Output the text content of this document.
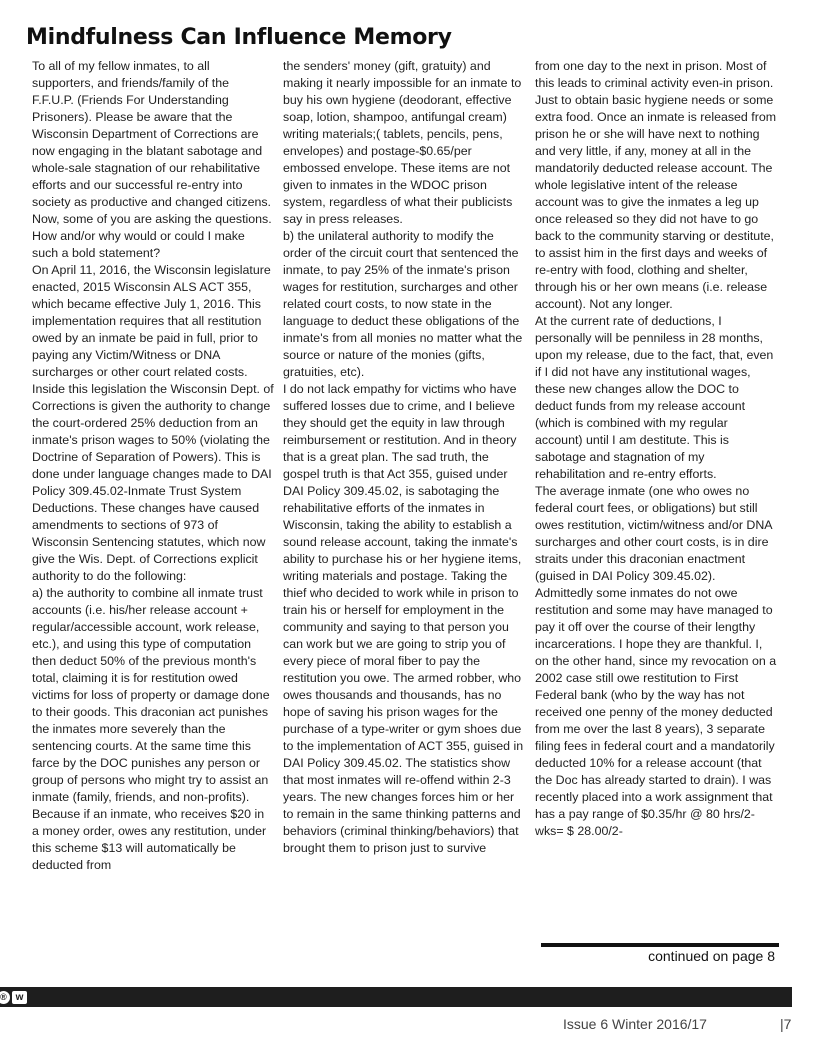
Mindfulness Can Influence Memory

To all of my fellow inmates, to all supporters, and friends/family of the F.F.U.P. (Friends For Understanding Prisoners). Please be aware that the Wisconsin Department of Corrections are now engaging in the blatant sabotage and whole-sale stagnation of our rehabilitative efforts and our successful re-entry into society as productive and changed citizens. Now, some of you are asking the questions. How and/or why would or could I make such a bold statement?

On April 11, 2016, the Wisconsin legislature enacted, 2015 Wisconsin ALS ACT 355, which became effective July 1, 2016. This implementation requires that all restitution owed by an inmate be paid in full, prior to paying any Victim/Witness or DNA surcharges or other court related costs. Inside this legislation the Wisconsin Dept. of Corrections is given the authority to change the court-ordered 25% deduction from an inmate's prison wages to 50% (violating the Doctrine of Separation of Powers). This is done under language changes made to DAI Policy 309.45.02-Inmate Trust System Deductions. These changes have caused amendments to sections of 973 of Wisconsin Sentencing statutes, which now give the Wis. Dept. of Corrections explicit authority to do the following:

a) the authority to combine all inmate trust accounts (i.e. his/her release account + regular/accessible account, work release, etc.), and using this type of computation then deduct 50% of the previous month's total, claiming it is for restitution owed victims for loss of property or damage done to their goods. This draconian act punishes the inmates more severely than the sentencing courts. At the same time this farce by the DOC punishes any person or group of persons who might try to assist an inmate (family, friends, and non-profits). Because if an inmate, who receives $20 in a money order, owes any restitution, under this scheme $13 will automatically be deducted from

the senders' money (gift, gratuity) and making it nearly impossible for an inmate to buy his own hygiene (deodorant, effective soap, lotion, shampoo, antifungal cream) writing materials;( tablets, pencils, pens, envelopes) and postage-$0.65/per embossed envelope. These items are not given to inmates in the WDOC prison system, regardless of what their publicists say in press releases.

b) the unilateral authority to modify the order of the circuit court that sentenced the inmate, to pay 25% of the inmate's prison wages for restitution, surcharges and other related court costs, to now state in the language to deduct these obligations of the inmate's from all monies no matter what the source or nature of the monies (gifts, gratuities, etc).

I do not lack empathy for victims who have suffered losses due to crime, and I believe they should get the equity in law through reimbursement or restitution. And in theory that is a great plan. The sad truth, the gospel truth is that Act 355, guised under DAI Policy 309.45.02, is sabotaging the rehabilitative efforts of the inmates in Wisconsin, taking the ability to establish a sound release account, taking the inmate's ability to purchase his or her hygiene items, writing materials and postage. Taking the thief who decided to work while in prison to train his or herself for employment in the community and saying to that person you can work but we are going to strip you of every piece of moral fiber to pay the restitution you owe. The armed robber, who owes thousands and thousands, has no hope of saving his prison wages for the purchase of a type-writer or gym shoes due to the implementation of ACT 355, guised in DAI Policy 309.45.02. The statistics show that most inmates will re-offend within 2-3 years. The new changes forces him or her to remain in the same thinking patterns and behaviors (criminal thinking/behaviors) that brought them to prison just to survive

from one day to the next in prison. Most of this leads to criminal activity even-in prison. Just to obtain basic hygiene needs or some extra food. Once an inmate is released from prison he or she will have next to nothing and very little, if any, money at all in the mandatorily deducted release account. The whole legislative intent of the release account was to give the inmates a leg up once released so they did not have to go back to the community starving or destitute, to assist him in the first days and weeks of re-entry with food, clothing and shelter, through his or her own means (i.e. release account). Not any longer.

At the current rate of deductions, I personally will be penniless in 28 months, upon my release, due to the fact, that, even if I did not have any institutional wages, these new changes allow the DOC to deduct funds from my release account (which is combined with my regular account) until I am destitute. This is sabotage and stagnation of my rehabilitation and re-entry efforts.

The average inmate (one who owes no federal court fees, or obligations) but still owes restitution, victim/witness and/or DNA surcharges and other court costs, is in dire straits under this draconian enactment (guised in DAI Policy 309.45.02).

Admittedly some inmates do not owe restitution and some may have managed to pay it off over the course of their lengthy incarcerations. I hope they are thankful. I, on the other hand, since my revocation on a 2002 case still owe restitution to First Federal bank (who by the way has not received one penny of the money deducted from me over the last 8 years), 3 separate filing fees in federal court and a mandatorily deducted 10% for a release account (that the Doc has already started to drain). I was recently placed into a work assignment that has a pay range of $0.35/hr @ 80 hrs/2-wks= $ 28.00/2-

continued on page 8
® w
Issue 6 Winter 2016/17	|7
